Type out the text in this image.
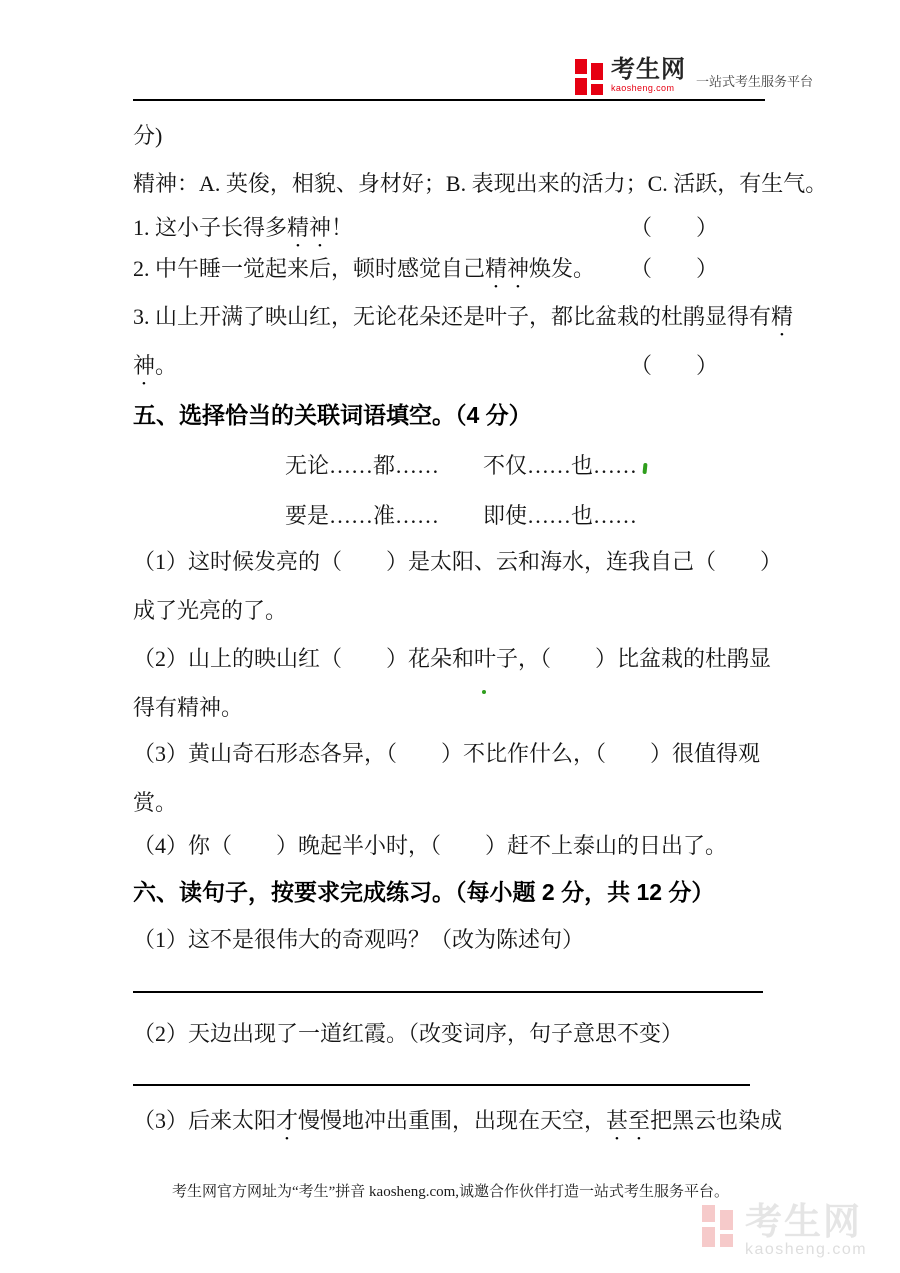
考生网
kaosheng.com	一站式考生服务平台
分)
精神：A. 英俊，相貌、身材好；B. 表现出来的活力；C. 活跃，有生气。
1. 这小子长得多精神！	（　　）
2. 中午睡一觉起来后，顿时感觉自己精神焕发。 （　　）
3. 山上开满了映山红，无论花朵还是叶子，都比盆栽的杜鹃显得有精
神。	（　　）
五、选择恰当的关联词语填空。（4 分）
无论……都……　　不仅……也……
要是……准……　　即使……也……
（1）这时候发亮的（　　）是太阳、云和海水，连我自己（　　）
成了光亮的了。
（2）山上的映山红（　　）花朵和叶子，（　　）比盆栽的杜鹃显
得有精神。
（3）黄山奇石形态各异，（　　）不比作什么，（　　）很值得观
赏。
（4）你（　　）晚起半小时，（　　）赶不上泰山的日出了。
六、读句子，按要求完成练习。（每小题 2 分，共 12 分）
（1）这不是很伟大的奇观吗？（改为陈述句）
（2）天边出现了一道红霞。（改变词序，句子意思不变）
（3）后来太阳才慢慢地冲出重围，出现在天空，甚至把黑云也染成
考生网官方网址为“考生”拼音 kaosheng.com,诚邀合作伙伴打造一站式考生服务平台。
考生网
kaosheng.com
